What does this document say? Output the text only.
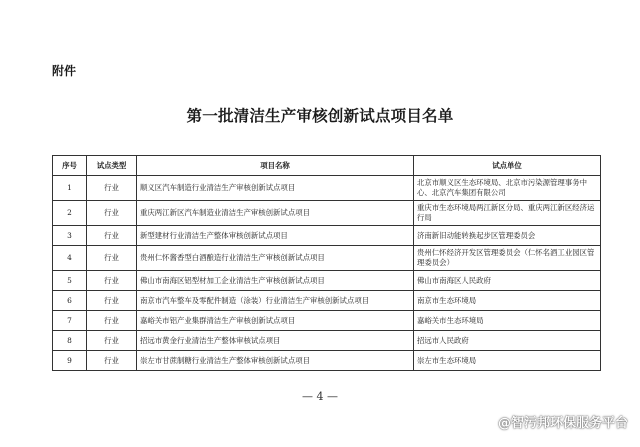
附件
第一批清洁生产审核创新试点项目名单
序号	试点类型	项目名称	试点单位
1	行业	顺义区汽车制造行业清洁生产审核创新试点项目	北京市顺义区生态环境局、北京市污染源管理事务中心、北京汽车集团有限公司
2	行业	重庆两江新区汽车制造业清洁生产审核创新试点项目	重庆市生态环境局两江新区分局、重庆两江新区经济运行局
3	行业	新型建材行业清洁生产整体审核创新试点项目	济南新旧动能转换起步区管理委员会
4	行业	贵州仁怀酱香型白酒酿造行业清洁生产审核创新试点项目	贵州仁怀经济开发区管理委员会（仁怀名酒工业园区管理委员会）
5	行业	佛山市南海区铝型材加工企业清洁生产审核创新试点项目	佛山市南海区人民政府
6	行业	南京市汽车整车及零配件制造（涂装）行业清洁生产审核创新试点项目	南京市生态环境局
7	行业	嘉峪关市铝产业集群清洁生产审核创新试点项目	嘉峪关市生态环境局
8	行业	招远市黄金行业清洁生产整体审核试点项目	招远市人民政府
9	行业	崇左市甘蔗制糖行业清洁生产整体审核创新试点项目	崇左市生态环境局
— 4 —
@智污邦环保服务平台
